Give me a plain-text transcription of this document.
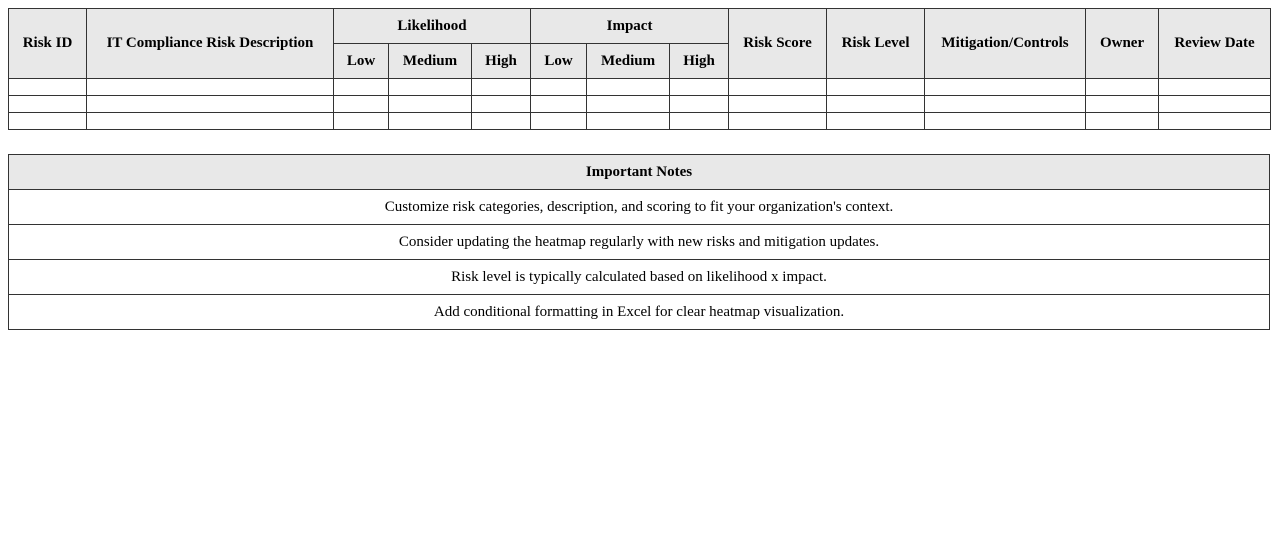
Risk ID	IT Compliance Risk Description	Likelihood			Impact			Risk Score	Risk Level	Mitigation/Controls	Owner	Review Date
		Low	Medium	High	Low	Medium	High					

Important Notes
Customize risk categories, description, and scoring to fit your organization's context.
Consider updating the heatmap regularly with new risks and mitigation updates.
Risk level is typically calculated based on likelihood x impact.
Add conditional formatting in Excel for clear heatmap visualization.
